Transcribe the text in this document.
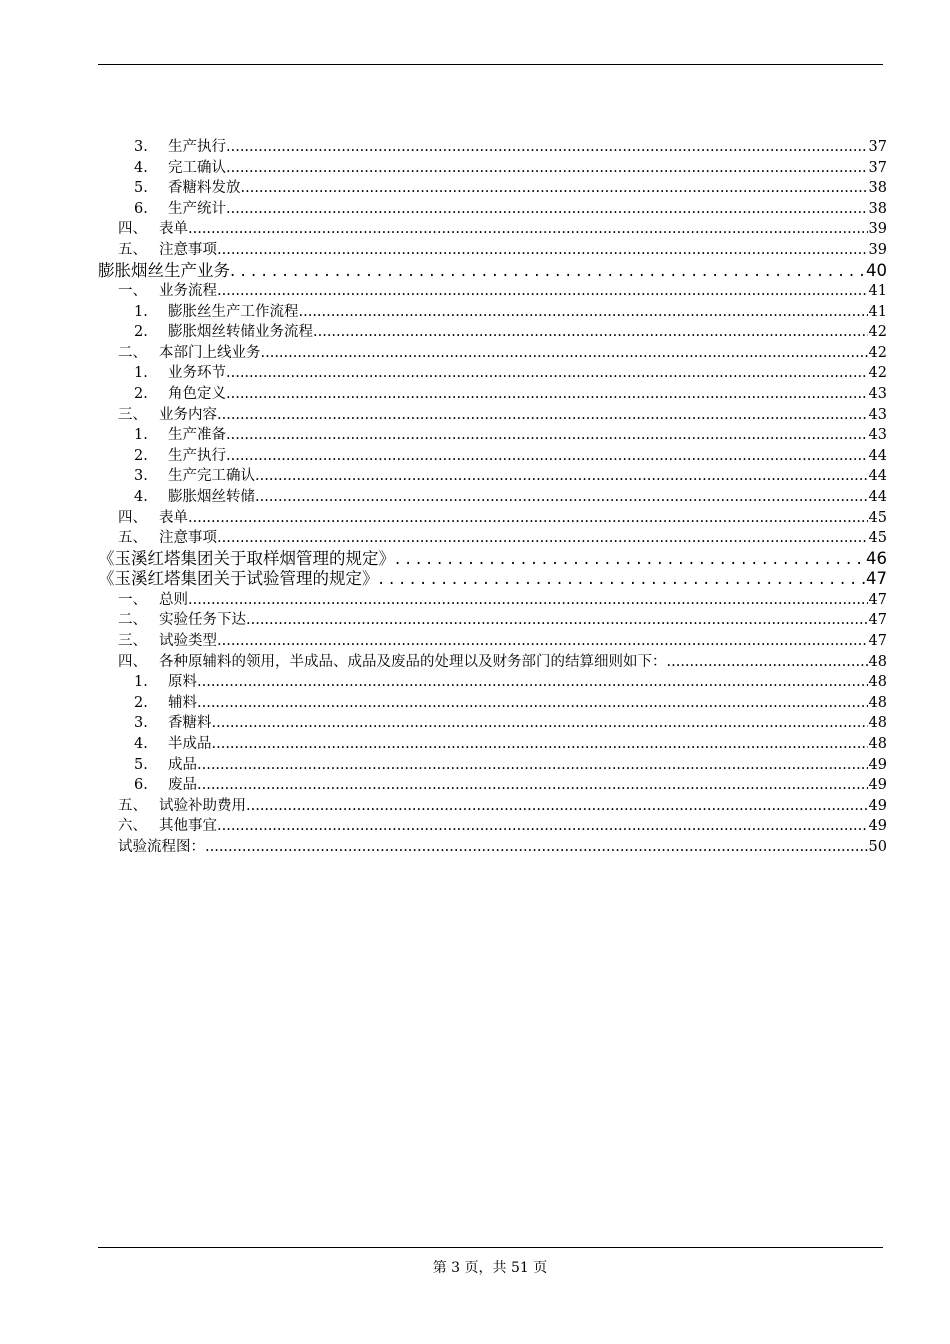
3.	生产执行 .....	37
4.	完工确认 .....	37
5.	香糖料发放 .....	38
6.	生产统计 .....	38
四、 表单 .....	39
五、 注意事项 .....	39
膨胀烟丝生产业务 . . .	40
一、 业务流程 .....	41
1.	膨胀丝生产工作流程 .....	41
2.	膨胀烟丝转储业务流程 .....	42
二、 本部门上线业务 .....	42
1.	业务环节 .....	42
2.	角色定义 .....	43
三、 业务内容 .....	43
1.	生产准备 .....	43
2.	生产执行 .....	44
3.	生产完工确认 .....	44
4.	膨胀烟丝转储 .....	44
四、 表单 .....	45
五、 注意事项 .....	45
《玉溪红塔集团关于取样烟管理的规定》 . . .	46
《玉溪红塔集团关于试验管理的规定》 . . .	47
一、 总则 .....	47
二、 实验任务下达 .....	47
三、 试验类型 .....	47
四、 各种原辅料的领用，半成品、成品及废品的处理以及财务部门的结算细则如下： .....	48
1.	原料 .....	48
2.	辅料 .....	48
3.	香糖料 .....	48
4.	半成品 .....	48
5.	成品 .....	49
6.	废品 .....	49
五、 试验补助费用 .....	49
六、 其他事宜 .....	49
试验流程图： .....	50
第 3 页，共 51 页
